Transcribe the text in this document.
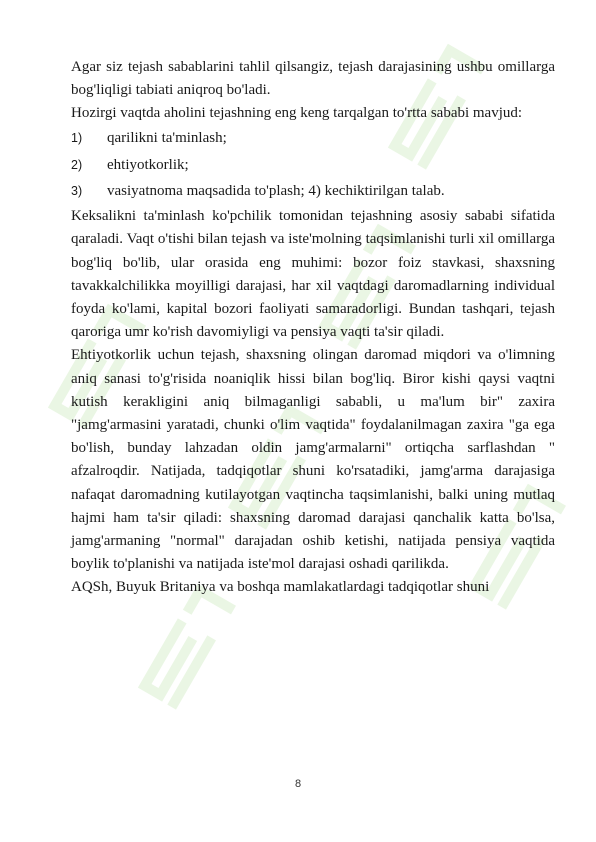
Agar siz tejash sabablarini tahlil qilsangiz, tejash darajasining ushbu omillarga bog'liqligi tabiati aniqroq bo'ladi.

Hozirgi vaqtda aholini tejashning eng keng tarqalgan to'rtta sababi mavjud:

1)	qarilikni ta'minlash;
2)	ehtiyotkorlik;
3)	vasiyatnoma maqsadida to'plash; 4) kechiktirilgan talab.

Keksalikni ta'minlash ko'pchilik tomonidan tejashning asosiy sababi sifatida qaraladi. Vaqt o'tishi bilan tejash va iste'molning taqsimlanishi turli xil omillarga bog'liq bo'lib, ular orasida eng muhimi: bozor foiz stavkasi, shaxsning tavakkalchilikka moyilligi darajasi, har xil vaqtdagi daromadlarning individual foyda ko'lami, kapital bozori faoliyati samaradorligi. Bundan tashqari, tejash qaroriga umr ko'rish davomiyligi va pensiya vaqti ta'sir qiladi.

Ehtiyotkorlik uchun tejash, shaxsning olingan daromad miqdori va o'limning aniq sanasi to'g'risida noaniqlik hissi bilan bog'liq. Biror kishi qaysi vaqtni kutish kerakligini aniq bilmaganligi sababli, u ma'lum bir" zaxira "jamg'armasini yaratadi, chunki o'lim vaqtida" foydalanilmagan zaxira "ga ega bo'lish, bunday lahzadan oldin jamg'armalarni" ortiqcha sarflashdan " afzalroqdir. Natijada, tadqiqotlar shuni ko'rsatadiki, jamg'arma darajasiga nafaqat daromadning kutilayotgan vaqtincha taqsimlanishi, balki uning mutlaq hajmi ham ta'sir qiladi: shaxsning daromad darajasi qanchalik katta bo'lsa, jamg'armaning "normal" darajadan oshib ketishi, natijada pensiya vaqtida boylik to'planishi va natijada iste'mol darajasi oshadi qarilikda.

AQSh, Buyuk Britaniya va boshqa mamlakatlardagi tadqiqotlar shuni

8
